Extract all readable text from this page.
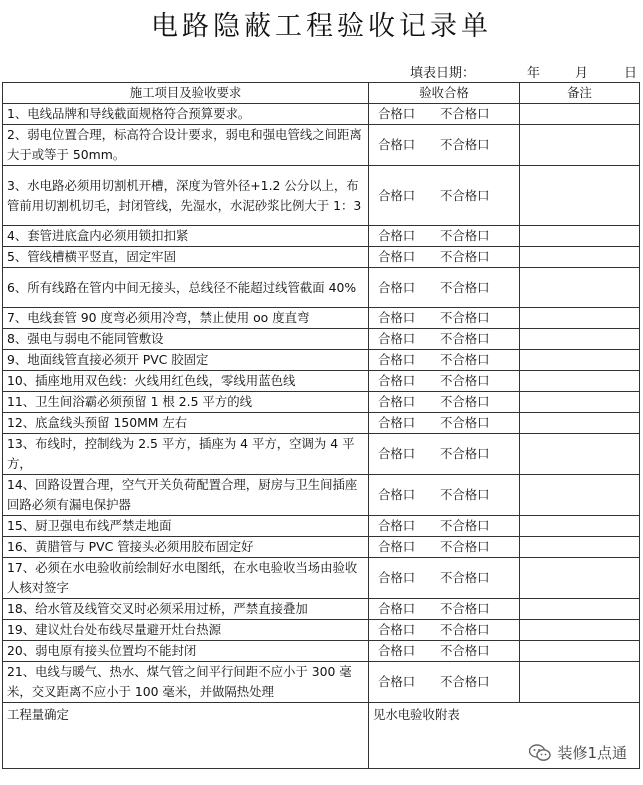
电路隐蔽工程验收记录单
填表日期：	年	月	日
施工项目及验收要求	验收合格	备注
1、电线品牌和导线截面规格符合预算要求。	合格口 不合格口	
2、弱电位置合理，标高符合设计要求，弱电和强电管线之间距离大于或等于 50mm。	合格口 不合格口	
3、水电路必须用切割机开槽，深度为管外径+1.2 公分以上，布管前用切割机切毛，封闭管线，先湿水，水泥砂浆比例大于 1：3	合格口 不合格口	
4、套管进底盒内必须用锁扣扣紧	合格口 不合格口	
5、管线槽横平竖直，固定牢固	合格口 不合格口	
6、所有线路在管内中间无接头，总线径不能超过线管截面 40%	合格口 不合格口	
7、电线套管 90 度弯必须用冷弯，禁止使用 oo 度直弯	合格口 不合格口	
8、强电与弱电不能同管敷设	合格口 不合格口	
9、地面线管直接必须开 PVC 胶固定	合格口 不合格口	
10、插座地用双色线：火线用红色线，零线用蓝色线	合格口 不合格口	
11、卫生间浴霸必须预留 1 根 2.5 平方的线	合格口 不合格口	
12、底盒线头预留 150MM 左右	合格口 不合格口	
13、布线时，控制线为 2.5 平方，插座为 4 平方，空调为 4 平方，	合格口 不合格口	
14、回路设置合理，空气开关负荷配置合理，厨房与卫生间插座回路必须有漏电保护器	合格口 不合格口	
15、厨卫强电布线严禁走地面	合格口 不合格口	
16、黄腊管与 PVC 管接头必须用胶布固定好	合格口 不合格口	
17、必须在水电验收前绘制好水电图纸，在水电验收当场由验收人核对签字	合格口 不合格口	
18、给水管及线管交叉时必须采用过桥，严禁直接叠加	合格口 不合格口	
19、建议灶台处布线尽量避开灶台热源	合格口 不合格口	
20、弱电原有接头位置均不能封闭	合格口 不合格口	
21、电线与暖气、热水、煤气管之间平行间距不应小于 300 毫米，交叉距离不应小于 100 毫米，并做隔热处理	合格口 不合格口	
工程量确定	见水电验收附表	
装修1点通
